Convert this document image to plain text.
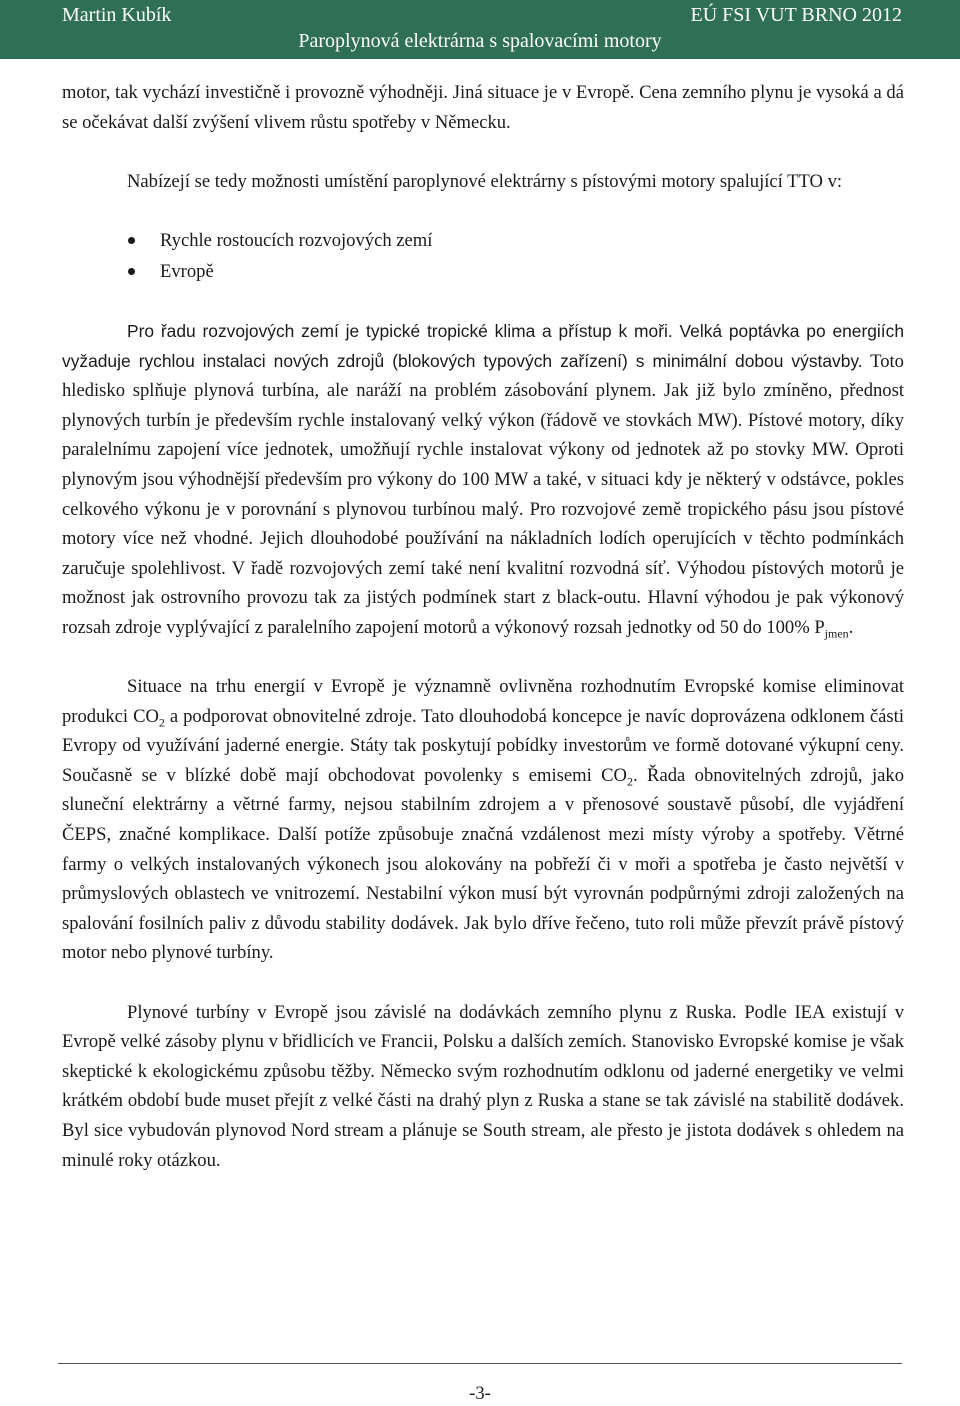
Martin Kubík	EÚ FSI VUT BRNO 2012
Paroplynová elektrárna s spalovacími motory

motor, tak vychází investičně i provozně výhodněji. Jiná situace je v Evropě. Cena zemního plynu je vysoká a dá se očekávat další zvýšení vlivem růstu spotřeby v Německu.

Nabízejí se tedy možnosti umístění paroplynové elektrárny s pístovými motory spalující TTO v:

Rychle rostoucích rozvojových zemí
Evropě

Pro řadu rozvojových zemí je typické tropické klima a přístup k moři. Velká poptávka po energiích vyžaduje rychlou instalaci nových zdrojů (blokových typových zařízení) s minimální dobou výstavby. Toto hledisko splňuje plynová turbína, ale naráží na problém zásobování plynem. Jak již bylo zmíněno, přednost plynových turbín je především rychle instalovaný velký výkon (řádově ve stovkách MW). Pístové motory, díky paralelnímu zapojení více jednotek, umožňují rychle instalovat výkony od jednotek až po stovky MW. Oproti plynovým jsou výhodnější především pro výkony do 100 MW a také, v situaci kdy je některý v odstávce, pokles celkového výkonu je v porovnání s plynovou turbínou malý. Pro rozvojové země tropického pásu jsou pístové motory více než vhodné. Jejich dlouhodobé používání na nákladních lodích operujících v těchto podmínkách zaručuje spolehlivost. V řadě rozvojových zemí také není kvalitní rozvodná síť. Výhodou pístových motorů je možnost jak ostrovního provozu tak za jistých podmínek start z black-outu. Hlavní výhodou je pak výkonový rozsah zdroje vyplývající z paralelního zapojení motorů a výkonový rozsah jednotky od 50 do 100% $P_{jmen}$.

Situace na trhu energií v Evropě je významně ovlivněna rozhodnutím Evropské komise eliminovat produkci $CO_2$ a podporovat obnovitelné zdroje. Tato dlouhodobá koncepce je navíc doprovázena odklonem části Evropy od využívání jaderné energie. Státy tak poskytují pobídky investorům ve formě dotované výkupní ceny. Současně se v blízké době mají obchodovat povolenky s emisemi $CO_2$. Řada obnovitelných zdrojů, jako sluneční elektrárny a větrné farmy, nejsou stabilním zdrojem a v přenosové soustavě působí, dle vyjádření ČEPS, značné komplikace. Další potíže způsobuje značná vzdálenost mezi místy výroby a spotřeby. Větrné farmy o velkých instalovaných výkonech jsou alokovány na pobřeží či v moři a spotřeba je často největší v průmyslových oblastech ve vnitrozemí. Nestabilní výkon musí být vyrovnán podpůrnými zdroji založených na spalování fosilních paliv z důvodu stability dodávek. Jak bylo dříve řečeno, tuto roli může převzít právě pístový motor nebo plynové turbíny.

Plynové turbíny v Evropě jsou závislé na dodávkách zemního plynu z Ruska. Podle IEA existují v Evropě velké zásoby plynu v břidlicích ve Francii, Polsku a dalších zemích. Stanovisko Evropské komise je však skeptické k ekologickému způsobu těžby. Německo svým rozhodnutím odklonu od jaderné energetiky ve velmi krátkém období bude muset přejít z velké části na drahý plyn z Ruska a stane se tak závislé na stabilitě dodávek. Byl sice vybudován plynovod Nord stream a plánuje se South stream, ale přesto je jistota dodávek s ohledem na minulé roky otázkou.

-3-
